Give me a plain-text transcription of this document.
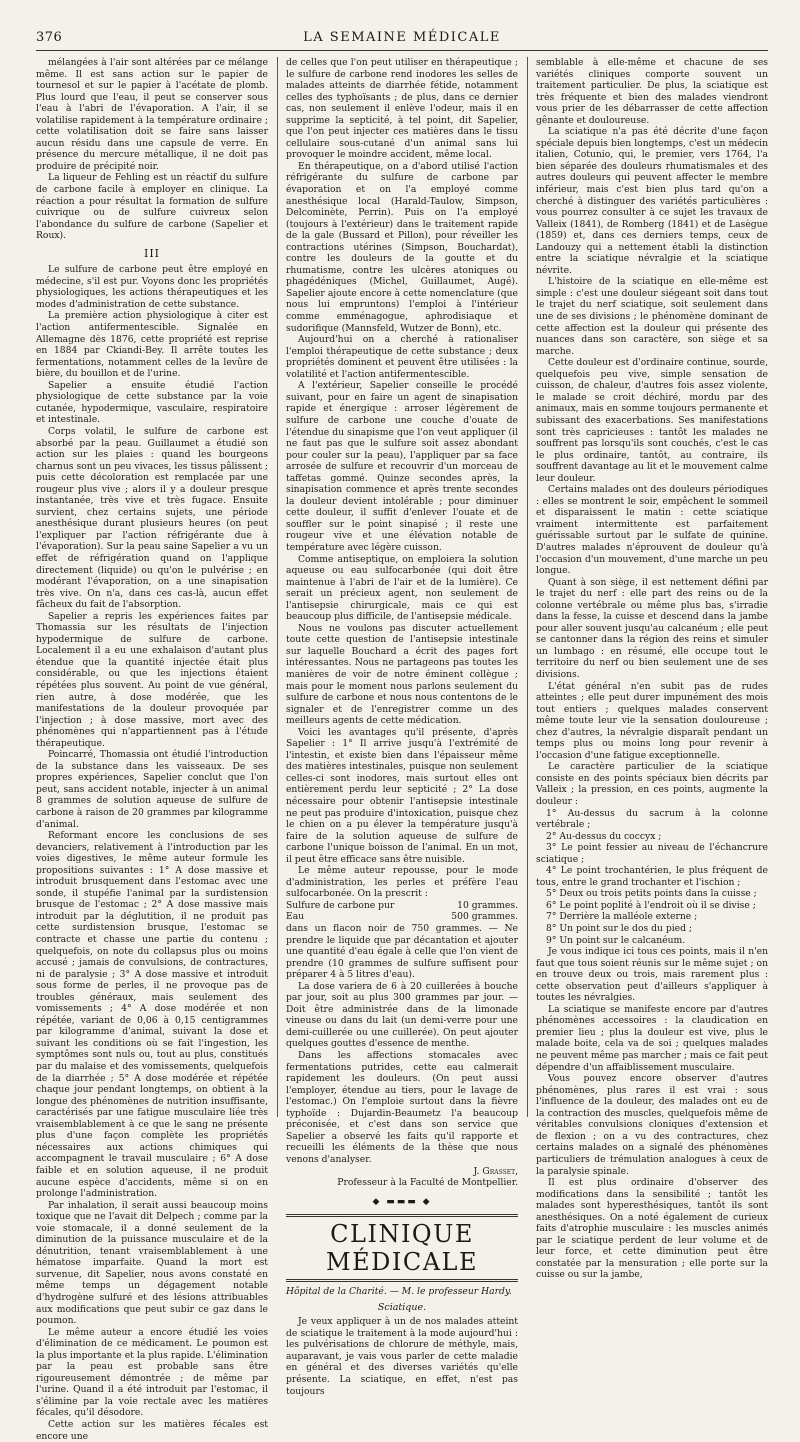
376	LA SEMAINE MÉDICALE

mélangées à l'air sont altérées par ce mélange même. Il est sans action sur le papier de tournesol et sur le papier à l'acétate de plomb. Plus lourd que l'eau, il peut se conserver sous l'eau à l'abri de l'évaporation. A l'air, il se volatilise rapidement à la température ordinaire ; cette volatilisation doit se faire sans laisser aucun résidu dans une capsule de verre. En présence du mercure métallique, il ne doit pas produire de précipité noir.

La liqueur de Fehling est un réactif du sulfure de carbone facile à employer en clinique. La réaction a pour résultat la formation de sulfure cuivrique ou de sulfure cuivreux selon l'abondance du sulfure de carbone (Sapelier et Roux).

III

Le sulfure de carbone peut être employé en médecine, s'il est pur. Voyons donc les propriétés physiologiques, les actions thérapeutiques et les modes d'administration de cette substance.

La première action physiologique à citer est l'action antifermentescible. Signalée en Allemagne dès 1876, cette propriété est reprise en 1884 par Ckiandi-Bey. Il arrête toutes les fermentations, notamment celles de la levûre de bière, du bouillon et de l'urine.

Sapelier a ensuite étudié l'action physiologique de cette substance par la voie cutanée, hypodermique, vasculaire, respiratoire et intestinale.

Corps volatil, le sulfure de carbone est absorbé par la peau. Guillaumet a étudié son action sur les plaies : quand les bourgeons charnus sont un peu vivaces, les tissus pâlissent ; puis cette décoloration est remplacée par une rougeur plus vive ; alors il y a douleur presque instantanée, très vive et très fugace. Ensuite survient, chez certains sujets, une période anesthésique durant plusieurs heures (on peut l'expliquer par l'action réfrigérante due à l'évaporation). Sur la peau saine Sapelier a vu un effet de réfrigération quand on l'applique directement (liquide) ou qu'on le pulvérise ; en modérant l'évaporation, on a une sinapisation très vive. On n'a, dans ces cas-là, aucun effet fâcheux du fait de l'absorption.

Sapelier a repris les expériences faites par Thomassia sur les résultats de l'injection hypodermique de sulfure de carbone. Localement il a eu une exhalaison d'autant plus étendue que la quantité injectée était plus considérable, ou que les injections étaient répétées plus souvent. Au point de vue général, rien autre, à dose modérée, que les manifestations de la douleur provoquée par l'injection ; à dose massive, mort avec des phénomènes qui n'appartiennent pas à l'étude thérapeutique.

Poincarré, Thomassia ont étudié l'introduction de la substance dans les vaisseaux. De ses propres expériences, Sapelier conclut que l'on peut, sans accident notable, injecter à un animal 8 grammes de solution aqueuse de sulfure de carbone à raison de 20 grammes par kilogramme d'animal.

Reformant encore les conclusions de ses devanciers, relativement à l'introduction par les voies digestives, le même auteur formule les propositions suivantes : 1° A dose massive et introduit brusquement dans l'estomac avec une sonde, il stupéfie l'animal par la surdistension brusque de l'estomac ; 2° A dose massive mais introduit par la déglutition, il ne produit pas cette surdistension brusque, l'estomac se contracte et chasse une partie du contenu ; quelquefois, on note du collapsus plus ou moins accusé ; jamais de convulsions, de contractures, ni de paralysie ; 3° A dose massive et introduit sous forme de perles, il ne provoque pas de troubles généraux, mais seulement des vomissements ; 4° A dose modérée et non répétée, variant de 0,06 à 0,15 centigrammes par kilogramme d'animal, suivant la dose et suivant les conditions où se fait l'ingestion, les symptômes sont nuls ou, tout au plus, constitués par du malaise et des vomissements, quelquefois de la diarrhée ; 5° A dose modérée et répétée chaque jour pendant longtemps, on obtient à la longue des phénomènes de nutrition insuffisante, caractérisés par une fatigue musculaire liée très vraisemblablement à ce que le sang ne présente plus d'une façon complète les propriétés nécessaires aux actions chimiques qui accompagnent le travail musculaire ; 6° A dose faible et en solution aqueuse, il ne produit aucune espèce d'accidents, même si on en prolonge l'administration.

Par inhalation, il serait aussi beaucoup moins toxique que ne l'avait dit Delpech ; comme par la voie stomacale, il a donné seulement de la diminution de la puissance musculaire et de la dénutrition, tenant vraisemblablement à une hématose imparfaite. Quand la mort est survenue, dit Sapelier, nous avons constaté en même temps un dégagement notable d'hydrogène sulfuré et des lésions attribuables aux modifications que peut subir ce gaz dans le poumon.

Le même auteur a encore étudié les voies d'élimination de ce médicament. Le poumon est la plus importante et la plus rapide. L'élimination par la peau est probable sans être rigoureusement démontrée ; de même par l'urine. Quand il a été introduit par l'estomac, il s'élimine par la voie rectale avec les matières fécales, qu'il désodore.

Cette action sur les matières fécales est encore une

de celles que l'on peut utiliser en thérapeutique ; le sulfure de carbone rend inodores les selles de malades atteints de diarrhée fétide, notamment celles des typhoïsants ; de plus, dans ce dernier cas, non seulement il enlève l'odeur, mais il en supprime la septicité, à tel point, dit Sapelier, que l'on peut injecter ces matières dans le tissu cellulaire sous-cutané d'un animal sans lui provoquer le moindre accident, même local.

En thérapeutique, on a d'abord utilisé l'action réfrigérante du sulfure de carbone par évaporation et on l'a employé comme anesthésique local (Harald-Taulow, Simpson, Delcominète, Perrin). Puis on l'a employé (toujours à l'extérieur) dans le traitement rapide de la gale (Bussard et Pillon), pour réveiller les contractions utérines (Simpson, Bouchardat), contre les douleurs de la goutte et du rhumatisme, contre les ulcères atoniques ou phagédéniques (Michel, Guillaumet, Augé). Sapelier ajoute encore à cette nomenclature (que nous lui empruntons) l'emploi à l'intérieur comme emménagogue, aphrodisiaque et sudorifique (Mannsfeld, Wutzer de Bonn), etc.

Aujourd'hui on a cherché à rationaliser l'emploi thérapeutique de cette substance ; deux propriétés dominent et peuvent être utilisées : la volatilité et l'action antifermentescible.

A l'extérieur, Sapelier conseille le procédé suivant, pour en faire un agent de sinapisation rapide et énergique : arroser légèrement de sulfure de carbone une couche d'ouate de l'étendue du sinapisme que l'on veut appliquer (il ne faut pas que le sulfure soit assez abondant pour couler sur la peau), l'appliquer par sa face arrosée de sulfure et recouvrir d'un morceau de taffetas gommé. Quinze secondes après, la sinapisation commence et après trente secondes la douleur devient intolérable ; pour diminuer cette douleur, il suffit d'enlever l'ouate et de souffler sur le point sinapisé ; il reste une rougeur vive et une élévation notable de température avec légère cuisson.

Comme antiseptique, on emploiera la solution aqueuse ou eau sulfocarbonée (qui doit être maintenue à l'abri de l'air et de la lumière). Ce serait un précieux agent, non seulement de l'antisepsie chirurgicale, mais ce qui est beaucoup plus difficile, de l'antisepsie médicale.

Nous ne voulons pas discuter actuellement toute cette question de l'antisepsie intestinale sur laquelle Bouchard a écrit des pages fort intéressantes. Nous ne partageons pas toutes les manières de voir de notre éminent collègue ; mais pour le moment nous parlons seulement du sulfure de carbone et nous nous contentons de le signaler et de l'enregistrer comme un des meilleurs agents de cette médication.

Voici les avantages qu'il présente, d'après Sapelier : 1° Il arrive jusqu'à l'extrémité de l'intestin, et existe bien dans l'épaisseur même des matières intestinales, puisque non seulement celles-ci sont inodores, mais surtout elles ont entièrement perdu leur septicité ; 2° La dose nécessaire pour obtenir l'antisepsie intestinale ne peut pas produire d'intoxication, puisque chez le chien on a pu élever la température jusqu'à faire de la solution aqueuse de sulfure de carbone l'unique boisson de l'animal. En un mot, il peut être efficace sans être nuisible.

Le même auteur repousse, pour le mode d'administration, les perles et préfère l'eau sulfocarbonée. On la prescrit :

Sulfure de carbone pur	10 grammes.
Eau	500 grammes.

dans un flacon noir de 750 grammes. — Ne prendre le liquide que par décantation et ajouter une quantité d'eau égale à celle que l'on vient de prendre (10 grammes de sulfure suffisent pour préparer 4 à 5 litres d'eau).

La dose variera de 6 à 20 cuillerées à bouche par jour, soit au plus 300 grammes par jour. — Doit être administrée dans de la limonade vineuse ou dans du lait (un demi-verre pour une demi-cuillerée ou une cuillerée). On peut ajouter quelques gouttes d'essence de menthe.

Dans les affections stomacales avec fermentations putrides, cette eau calmerait rapidement les douleurs. (On peut aussi l'employer, étendue au tiers, pour le lavage de l'estomac.) On l'emploie surtout dans la fièvre typhoïde : Dujardin-Beaumetz l'a beaucoup préconisée, et c'est dans son service que Sapelier a observé les faits qu'il rapporte et recueilli les éléments de la thèse que nous venons d'analyser.

J. Grasset,

Professeur à la Faculté de Montpellier.

◆ ▬▬▬ ◆
CLINIQUE MÉDICALE

Hôpital de la Charité. — M. le professeur Hardy.

Sciatique.

Je veux appliquer à un de nos malades atteint de sciatique le traitement à la mode aujourd'hui : les pulvérisations de chlorure de méthyle, mais, auparavant, je vais vous parler de cette maladie en général et des diverses variétés qu'elle présente. La sciatique, en effet, n'est pas toujours

semblable à elle-même et chacune de ses variétés cliniques comporte souvent un traitement particulier. De plus, la sciatique est très fréquente et bien des malades viendront vous prier de les débarrasser de cette affection gênante et douloureuse.

La sciatique n'a pas été décrite d'une façon spéciale depuis bien longtemps, c'est un médecin italien, Cotunio, qui, le premier, vers 1764, l'a bien séparée des douleurs rhumatismales et des autres douleurs qui peuvent affecter le membre inférieur, mais c'est bien plus tard qu'on a cherché à distinguer des variétés particulières : vous pourrez consulter à ce sujet les travaux de Valleix (1841), de Romberg (1841) et de Lasègue (1859) et, dans ces derniers temps, ceux de Landouzy qui a nettement établi la distinction entre la sciatique névralgie et la sciatique névrite.

L'histoire de la sciatique en elle-même est simple : c'est une douleur siégeant soit dans tout le trajet du nerf sciatique, soit seulement dans une de ses divisions ; le phénomène dominant de cette affection est la douleur qui présente des nuances dans son caractère, son siège et sa marche.

Cette douleur est d'ordinaire continue, sourde, quelquefois peu vive, simple sensation de cuisson, de chaleur, d'autres fois assez violente, le malade se croit déchiré, mordu par des animaux, mais en somme toujours permanente et subissant des exacerbations. Ses manifestations sont très capricieuses : tantôt les malades ne souffrent pas lorsqu'ils sont couchés, c'est le cas le plus ordinaire, tantôt, au contraire, ils souffrent davantage au lit et le mouvement calme leur douleur.

Certains malades ont des douleurs périodiques : elles se montrent le soir, empêchent le sommeil et disparaissent le matin : cette sciatique vraiment intermittente est parfaitement guérissable surtout par le sulfate de quinine. D'autres malades n'éprouvent de douleur qu'à l'occasion d'un mouvement, d'une marche un peu longue.

Quant à son siège, il est nettement défini par le trajet du nerf : elle part des reins ou de la colonne vertébrale ou même plus bas, s'irradie dans la fesse, la cuisse et descend dans la jambe pour aller souvent jusqu'au calcanéum ; elle peut se cantonner dans la région des reins et simuler un lumbago : en résumé, elle occupe tout le territoire du nerf ou bien seulement une de ses divisions.

L'état général n'en subit pas de rudes atteintes ; elle peut durer impunément des mois tout entiers ; quelques malades conservent même toute leur vie la sensation douloureuse ; chez d'autres, la névralgie disparaît pendant un temps plus ou moins long pour revenir à l'occasion d'une fatigue exceptionnelle.

Le caractère particulier de la sciatique consiste en des points spéciaux bien décrits par Valleix ; la pression, en ces points, augmente la douleur :

1° Au-dessus du sacrum à la colonne vertébrale ;

2° Au-dessus du coccyx ;

3° Le point fessier au niveau de l'échancrure sciatique ;

4° Le point trochantérien, le plus fréquent de tous, entre le grand trochanter et l'ischion ;

5° Deux ou trois petits points dans la cuisse ;

6° Le point poplité à l'endroit où il se divise ;

7° Derrière la malléole externe ;

8° Un point sur le dos du pied ;

9° Un point sur le calcanéum.

Je vous indique ici tous ces points, mais il n'en faut que tous soient réunis sur le même sujet ; on en trouve deux ou trois, mais rarement plus : cette observation peut d'ailleurs s'appliquer à toutes les névralgies.

La sciatique se manifeste encore par d'autres phénomènes accessoires : la claudication en premier lieu ; plus la douleur est vive, plus le malade boite, cela va de soi ; quelques malades ne peuvent même pas marcher ; mais ce fait peut dépendre d'un affaiblissement musculaire.

Vous pouvez encore observer d'autres phénomènes, plus rares il est vrai : sous l'influence de la douleur, des malades ont eu de la contraction des muscles, quelquefois même de véritables convulsions cloniques d'extension et de flexion ; on a vu des contractures, chez certains malades on a signalé des phénomènes particuliers de trémulation analogues à ceux de la paralysie spinale.

Il est plus ordinaire d'observer des modifications dans la sensibilité ; tantôt les malades sont hyperesthésiques, tantôt ils sont anesthésiques. On a noté également de curieux faits d'atrophie musculaire : les muscles animés par le sciatique perdent de leur volume et de leur force, et cette diminution peut être constatée par la mensuration ; elle porte sur la cuisse ou sur la jambe,
